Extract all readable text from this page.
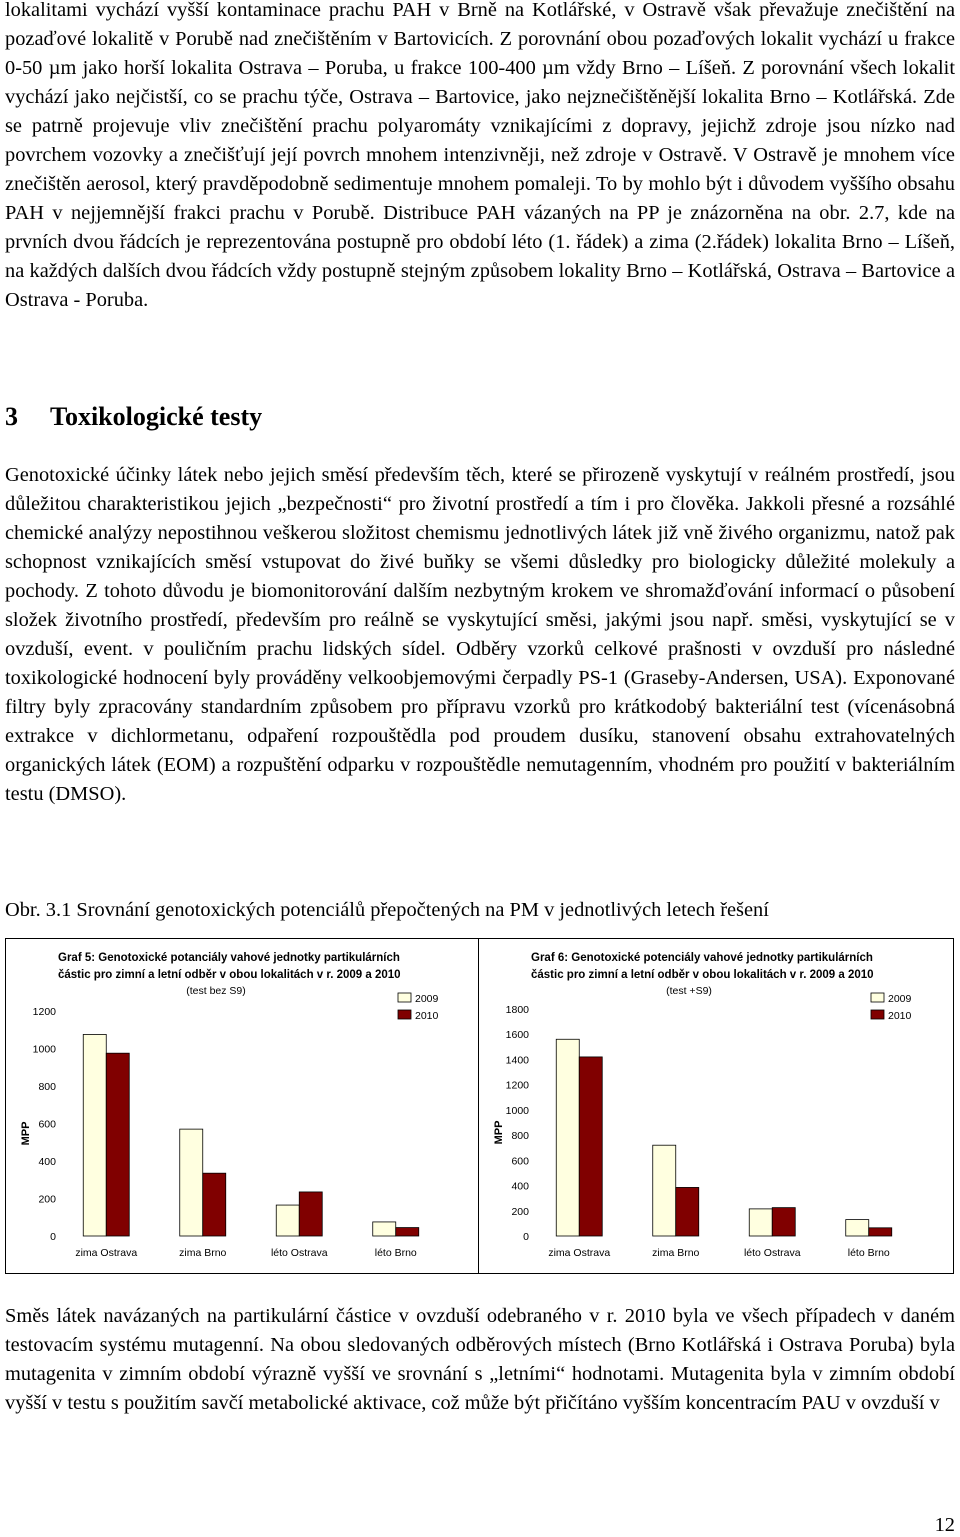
lokalitami vychází vyšší kontaminace prachu PAH v Brně na Kotlářské, v Ostravě však převažuje znečištění na pozaďové lokalitě v Porubě nad znečištěním v Bartovicích. Z porovnání obou pozaďových lokalit vychází u frakce 0-50 µm jako horší lokalita Ostrava – Poruba, u frakce 100-400 µm vždy Brno – Líšeň. Z porovnání všech lokalit vychází jako nejčistší, co se prachu týče, Ostrava – Bartovice, jako nejznečištěnější lokalita Brno – Kotlářská. Zde se patrně projevuje vliv znečištění prachu polyaromáty vznikajícími z dopravy, jejichž zdroje jsou nízko nad povrchem vozovky a znečišťují její povrch mnohem intenzivněji, než zdroje v Ostravě. V Ostravě je mnohem více znečištěn aerosol, který pravděpodobně sedimentuje mnohem pomaleji. To by mohlo být i důvodem vyššího obsahu PAH v nejjemnější frakci prachu v Porubě. Distribuce PAH vázaných na PP je znázorněna na obr. 2.7, kde na prvních dvou řádcích je reprezentována postupně pro období léto (1. řádek) a zima (2.řádek) lokalita Brno – Líšeň, na každých dalších dvou řádcích vždy postupně stejným způsobem lokality Brno – Kotlářská, Ostrava – Bartovice a Ostrava - Poruba.

3 Toxikologické testy

Genotoxické účinky látek nebo jejich směsí především těch, které se přirozeně vyskytují v reálném prostředí, jsou důležitou charakteristikou jejich „bezpečnosti“ pro životní prostředí a tím i pro člověka. Jakkoli přesné a rozsáhlé chemické analýzy nepostihnou veškerou složitost chemismu jednotlivých látek již vně živého organizmu, natož pak schopnost vznikajících směsí vstupovat do živé buňky se všemi důsledky pro biologicky důležité molekuly a pochody. Z tohoto důvodu je biomonitorování dalším nezbytným krokem ve shromažďování informací o působení složek životního prostředí, především pro reálně se vyskytující směsi, jakými jsou např. směsi, vyskytující se v ovzduší, event. v pouličním prachu lidských sídel. Odběry vzorků celkové prašnosti v ovzduší pro následné toxikologické hodnocení byly prováděny velkoobjemovými čerpadly PS-1 (Graseby-Andersen, USA). Exponované filtry byly zpracovány standardním způsobem pro přípravu vzorků pro krátkodobý bakteriální test (vícenásobná extrakce v dichlormetanu, odpaření rozpouštědla pod proudem dusíku, stanovení obsahu extrahovatelných organických látek (EOM) a rozpuštění odparku v rozpouštědle nemutagenním, vhodném pro použití v bakteriálním testu (DMSO).

Obr. 3.1 Srovnání genotoxických potenciálů přepočtených na PM v jednotlivých letech řešení

Graf 5: Genotoxické potanciály vahové jednotky partikulárních částic pro zimní a letní odběr v obou lokalitách v r. 2009 a 2010
(test bez S9)
MPP
0
200
400
600
800
1000
1200
zima Ostrava	zima Brno	léto Ostrava	léto Brno
2009
2010
Graf 6: Genotoxické potenciály vahové jednotky partikulárních částic pro zimní a letní odběr v obou lokalitách v r. 2009 a 2010
(test +S9)
MPP
0
200
400
600
800
1000
1200
1400
1600
1800
zima Ostrava	zima Brno	léto Ostrava	léto Brno
2009
2010

Směs látek navázaných na partikulární částice v ovzduší odebraného v r. 2010 byla ve všech případech v daném testovacím systému mutagenní. Na obou sledovaných odběrových místech (Brno Kotlářská i Ostrava Poruba) byla mutagenita v zimním období výrazně vyšší ve srovnání s „letními“ hodnotami. Mutagenita byla v zimním období vyšší v testu s použitím savčí metabolické aktivace, což může být přičítáno vyšším koncentracím PAU v ovzduší v

12
